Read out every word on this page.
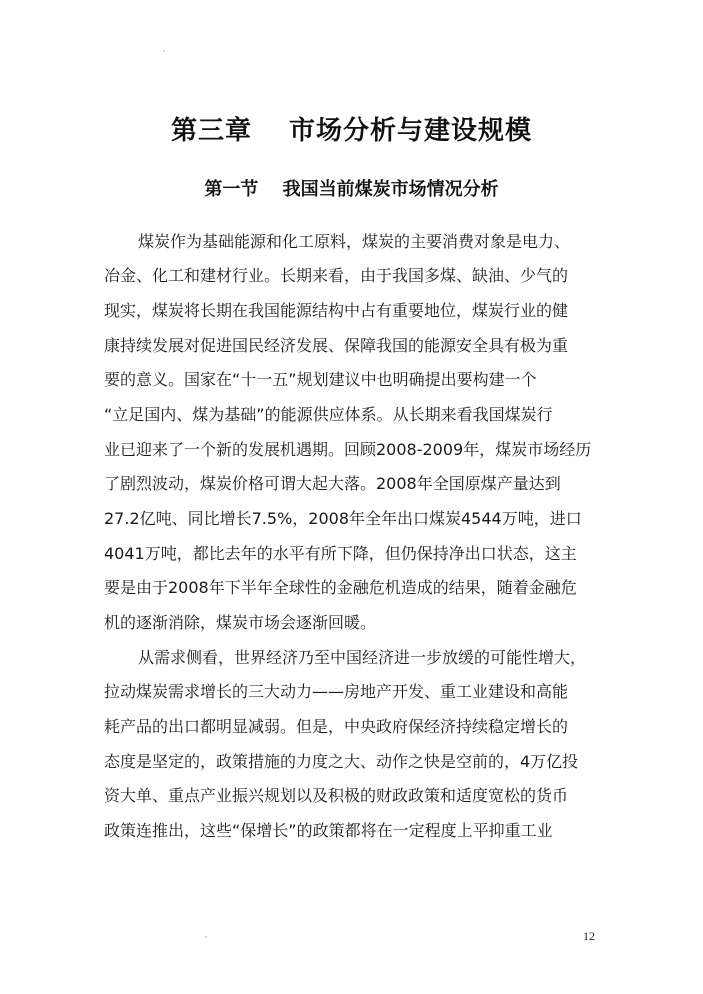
第三章　 市场分析与建设规模
第一节　 我国当前煤炭市场情况分析
煤炭作为基础能源和化工原料，煤炭的主要消费对象是电力、
冶金、化工和建材行业。长期来看，由于我国多煤、缺油、少气的
现实，煤炭将长期在我国能源结构中占有重要地位，煤炭行业的健
康持续发展对促进国民经济发展、保障我国的能源安全具有极为重
要的意义。国家在“十一五”规划建议中也明确提出要构建一个
“立足国内、煤为基础”的能源供应体系。从长期来看我国煤炭行
业已迎来了一个新的发展机遇期。回顾2008-2009年，煤炭市场经历
了剧烈波动，煤炭价格可谓大起大落。2008年全国原煤产量达到
27.2亿吨、同比增长7.5%，2008年全年出口煤炭4544万吨，进口
4041万吨，都比去年的水平有所下降，但仍保持净出口状态，这主
要是由于2008年下半年全球性的金融危机造成的结果，随着金融危
机的逐渐消除，煤炭市场会逐渐回暖。
从需求侧看，世界经济乃至中国经济进一步放缓的可能性增大，
拉动煤炭需求增长的三大动力——房地产开发、重工业建设和高能
耗产品的出口都明显减弱。但是，中央政府保经济持续稳定增长的
态度是坚定的，政策措施的力度之大、动作之快是空前的，4万亿投
资大单、重点产业振兴规划以及积极的财政政策和适度宽松的货币
政策连推出，这些“保增长”的政策都将在一定程度上平抑重工业
12
